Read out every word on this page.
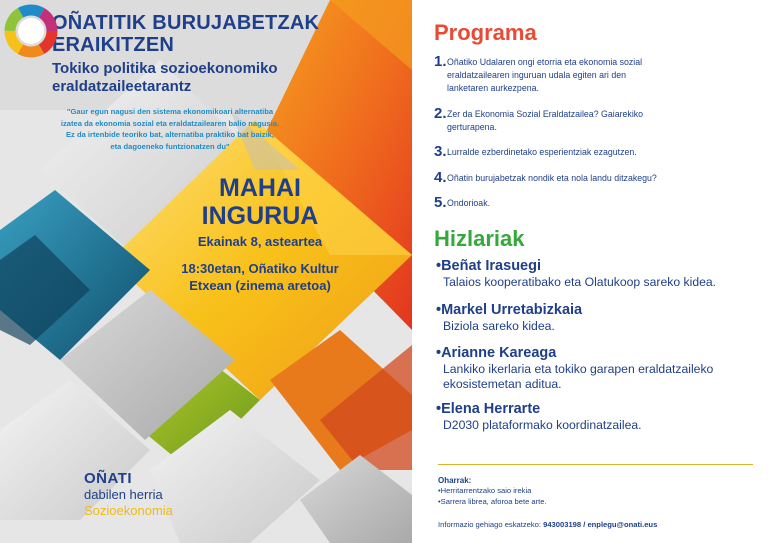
OÑATITIK BURUJABETZAK ERAIKITZEN

Tokiko politika sozioekonomiko eraldatzaileetarantz

"Gaur egun nagusi den sistema ekonomikoari alternatiba izatea da ekonomia sozial eta eraldatzailearen balio nagusia. Ez da irtenbide teoriko bat, alternatiba praktiko bat baizik, eta dagoeneko funtzionatzen du"

MAHAI INGURUA

Ekainak 8, asteartea

18:30etan, Oñatiko Kultur Etxean (zinema aretoa)

OÑATI
dabilen herria
Sozioekonomia
Programa
1. Oñatiko Udalaren ongi etorria eta ekonomia sozial eraldatzailearen inguruan udala egiten ari den lanketaren aurkezpena.
2. Zer da Ekonomia Sozial Eraldatzailea? Gaiarekiko gerturapena.
3. Lurralde ezberdinetako esperientziak ezagutzen.
4. Oñatin burujabetzak nondik eta nola landu ditzakegu?
5. Ondorioak.
Hizlariak
•Beñat Irasuegi
Talaios kooperatibako eta Olatukoop sareko kidea.
•Markel Urretabizkaia
Biziola sareko kidea.
•Arianne Kareaga
Lankiko ikerlaria eta tokiko garapen eraldatzaileko ekosistemetan aditua.
•Elena Herrarte
D2030 plataformako koordinatzailea.
Oharrak:
•Herritarrentzako saio irekia
•Sarrera librea, aforoa bete arte.
Informazio gehiago eskatzeko: 943003198 / enplegu@onati.eus
